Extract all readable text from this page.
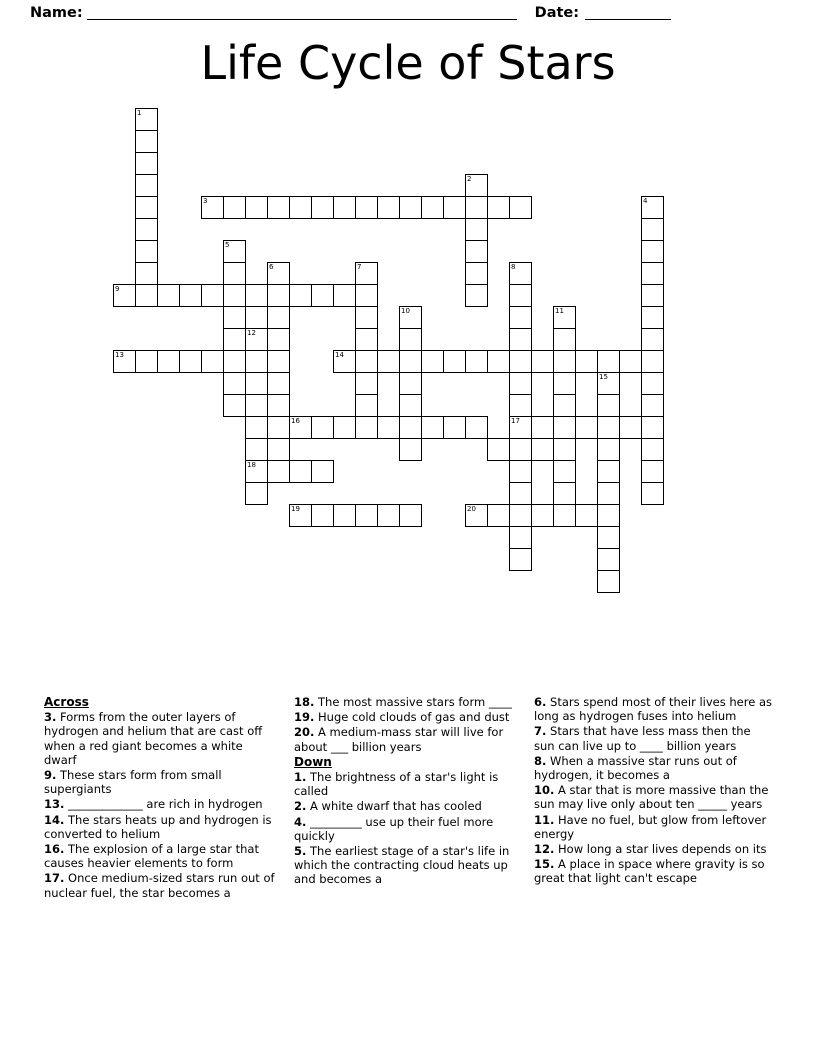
Name:	Date:
Life Cycle of Stars
1
2
3	4
5
6	7	8
9
10	11
12
13	14
15
16	17
18
19	20
Across
3. Forms from the outer layers of hydrogen and helium that are cast off when a red giant becomes a white dwarf
9. These stars form from small supergiants
13. _____________ are rich in hydrogen
14. The stars heats up and hydrogen is converted to helium
16. The explosion of a large star that causes heavier elements to form
17. Once medium-sized stars run out of nuclear fuel, the star becomes a
18. The most massive stars form ____
19. Huge cold clouds of gas and dust
20. A medium-mass star will live for about ___ billion years
Down
1. The brightness of a star's light is called
2. A white dwarf that has cooled
4. _________ use up their fuel more quickly
5. The earliest stage of a star's life in which the contracting cloud heats up and becomes a
6. Stars spend most of their lives here as long as hydrogen fuses into helium
7. Stars that have less mass then the sun can live up to ____ billion years
8. When a massive star runs out of hydrogen, it becomes a
10. A star that is more massive than the sun may live only about ten _____ years
11. Have no fuel, but glow from leftover energy
12. How long a star lives depends on its
15. A place in space where gravity is so great that light can't escape
